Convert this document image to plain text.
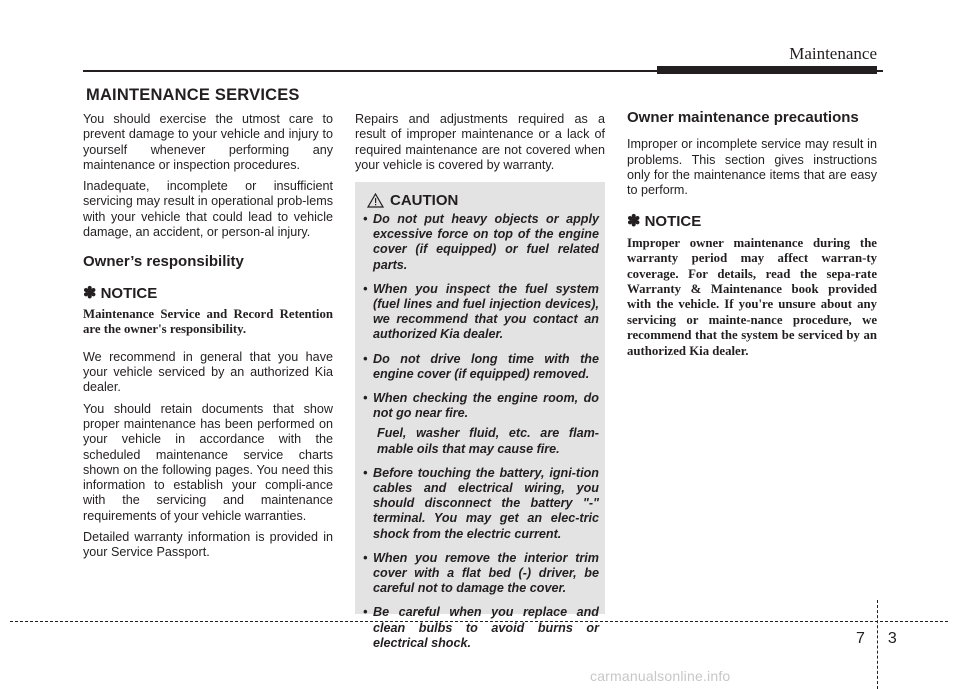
Maintenance
MAINTENANCE SERVICES

You should exercise the utmost care to prevent damage to your vehicle and injury to yourself whenever performing any maintenance or inspection procedures.

Inadequate, incomplete or insufficient servicing may result in operational prob-lems with your vehicle that could lead to vehicle damage, an accident, or person-al injury.

Owner’s responsibility
✽ NOTICE
Maintenance Service and Record Retention are the owner's responsibility.

We recommend in general that you have your vehicle serviced by an authorized Kia dealer.

You should retain documents that show proper maintenance has been performed on your vehicle in accordance with the scheduled maintenance service charts shown on the following pages. You need this information to establish your compli-ance with the servicing and maintenance requirements of your vehicle warranties.

Detailed warranty information is provided in your Service Passport.

Repairs and adjustments required as a result of improper maintenance or a lack of required maintenance are not covered when your vehicle is covered by warranty.

CAUTION
• Do not put heavy objects or apply excessive force on top of the engine cover (if equipped) or fuel related parts.
• When you inspect the fuel system (fuel lines and fuel injection devices), we recommend that you contact an authorized Kia dealer.
• Do not drive long time with the engine cover (if equipped) removed.
• When checking the engine room, do not go near fire.
Fuel, washer fluid, etc. are flam-mable oils that may cause fire.
• Before touching the battery, igni-tion cables and electrical wiring, you should disconnect the battery "-" terminal. You may get an elec-tric shock from the electric current.
• When you remove the interior trim cover with a flat bed (-) driver, be careful not to damage the cover.
• Be careful when you replace and clean bulbs to avoid burns or electrical shock.
Owner maintenance precautions

Improper or incomplete service may result in problems. This section gives instructions only for the maintenance items that are easy to perform.

✽ NOTICE
Improper owner maintenance during the warranty period may affect warran-ty coverage. For details, read the sepa-rate Warranty & Maintenance book provided with the vehicle. If you're unsure about any servicing or mainte-nance procedure, we recommend that the system be serviced by an authorized Kia dealer.
7 3
carmanualsonline.info
